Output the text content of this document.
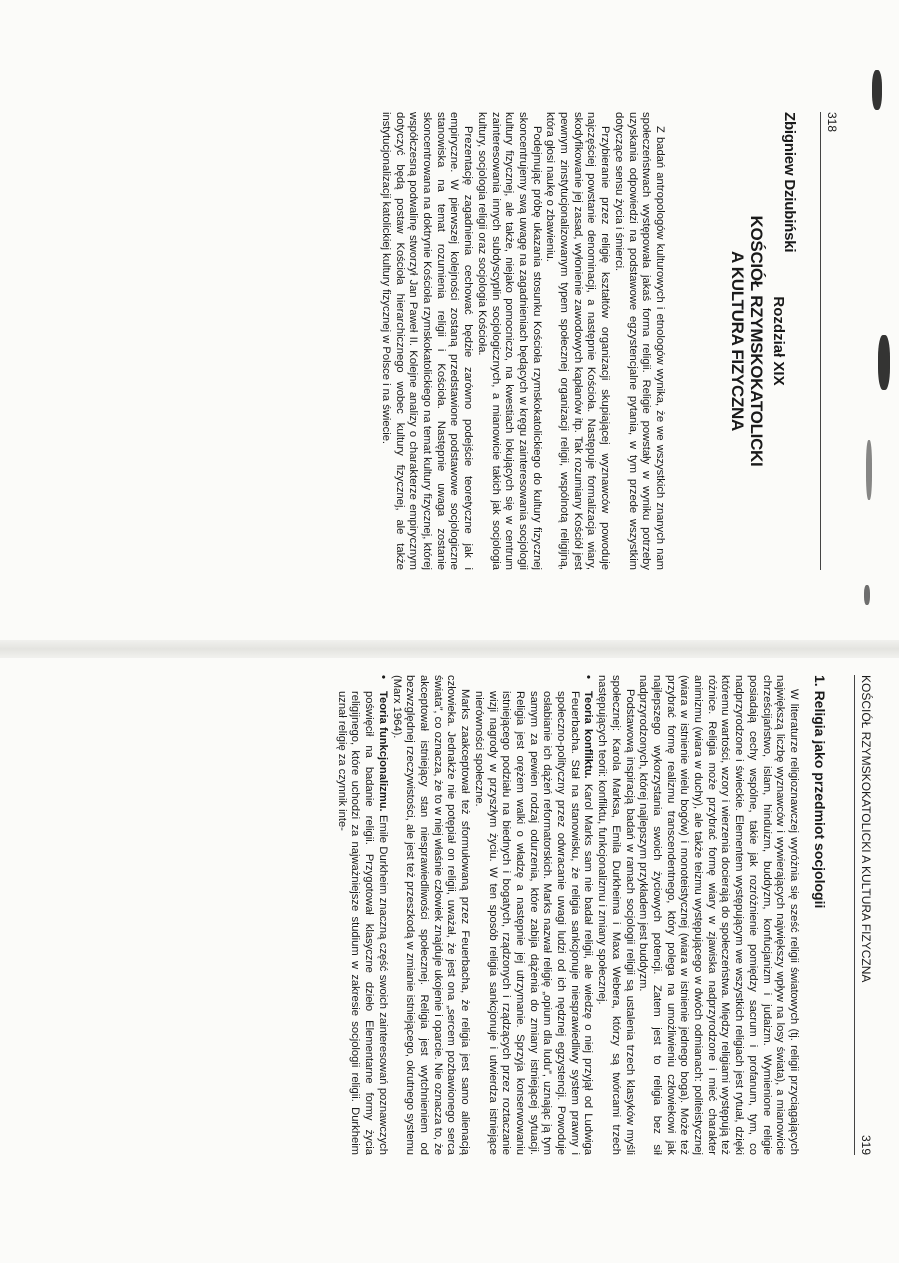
318
Zbigniew Dziubiński
Rozdział XIX
KOŚCIÓŁ RZYMSKOKATOLICKI
A KULTURA FIZYCZNA

Z badań antropologów kulturowych i etnologów wynika, że we wszystkich znanych nam społeczeństwach występowała jakaś forma religii. Religie powstały w wyniku potrzeby uzyskania odpowiedzi na podstawowe egzystencjalne pytania, w tym przede wszystkim dotyczące sensu życia i śmierci.

Przybieranie przez religię kształtów organizacji skupiającej wyznawców powoduje najczęściej powstanie denominacji, a następnie Kościoła. Następuje formalizacja wiary, skodyfikowanie jej zasad, wyłonienie zawodowych kapłanów itp. Tak rozumiany Kościół jest pewnym zinstytucjonalizowanym typem społecznej organizacji religii, wspólnotą religijną, która głosi naukę o zbawieniu.

Podejmując próbę ukazania stosunku Kościoła rzymskokatolickiego do kultury fizycznej skoncentrujemy swą uwagę na zagadnieniach będących w kręgu zainteresowania socjologii kultury fizycznej, ale także, niejako pomocniczo, na kwestiach lokujących się w centrum zainteresowania innych subdyscyplin socjologicznych, a mianowicie takich jak socjologia kultury, socjologia religii oraz socjologia Kościoła.

Prezentację zagadnienia cechować będzie zarówno podejście teoretyczne jak i empiryczne. W pierwszej kolejności zostaną przedstawione podstawowe socjologiczne stanowiska na temat rozumienia religii i Kościoła. Następnie uwaga zostanie skoncentrowana na doktrynie Kościoła rzymskokatolickiego na temat kultury fizycznej, której współczesną podwalinę stworzył Jan Paweł II. Kolejne analizy o charakterze empirycznym dotyczyć będą postaw Kościoła hierarchicznego wobec kultury fizycznej, ale także instytucjonalizacji katolickiej kultury fizycznej w Polsce i na świecie.

KOŚCIÓŁ RZYMSKOKATOLICKI A KULTURA FIZYCZNA
319
1. Religia jako przedmiot socjologii

W literaturze religioznawczej wyróżnia się sześć religii światowych (tj. religii przyciągających największą liczbę wyznawców i wywierających największy wpływ na losy świata), a mianowicie chrześcijaństwo, islam, hinduizm, buddyzm, konfucjanizm i judaizm. Wymienione religie posiadają cechy wspólne, takie jak rozróżnienie pomiędzy sacrum i profanum, tym, co nadprzyrodzone i świeckie. Elementem występującym we wszystkich religiach jest rytuał, dzięki któremu wartości, wzory i wierzenia docierają do społeczeństwa. Między religiami występują też różnice. Religia może przybrać formę wiary w zjawiska nadprzyrodzone i mieć charakter animizmu (wiara w duchy), ale także teizmu występującego w dwóch odmianach: politeistycznej (wiara w istnienie wielu bogów) i monoteistycznej (wiara w istnienie jednego boga). Może też przybrać formę realizmu transcendentnego, który polega na umożliwieniu człowiekowi jak najlepszego wykorzystania swoich życiowych potencji. Zatem jest to religia bez sił nadprzyrodzonych, której najlepszym przykładem jest buddyzm.

Podstawową inspiracją badań w ramach socjologii religii są ustalenia trzech klasyków myśli społecznej: Karola Marksa, Emila Durkheima i Maxa Webera, którzy są twórcami trzech następujących teorii: konfliktu, funkcjonalizmu i zmiany społecznej.

•
Teoria konfliktu. Karol Marks sam nie badał religii, ale wiedzę o niej przyjął od Ludwiga Feuerbacha. Stał na stanowisku, że religia sankcjonuje niesprawiedliwy system prawny i społeczno-polityczny przez odwracanie uwagi ludzi od ich nędznej egzystencji. Powoduje osłabianie ich dążeń reformatorskich. Marks nazwał religię „opium dla ludu”, uznając ją tym samym za pewien rodzaj odurzenia, które zabija dążenia do zmiany istniejącej sytuacji. Religia jest orężem walki o władzę a następnie jej utrzymanie. Sprzyja konserwowaniu istniejącego podziału na biednych i bogatych, rządzonych i rządzących przez roztaczanie wizji nagrody w przyszłym życiu. W ten sposób religia sankcjonuje i utwierdza istniejące nierówności społeczne.

Marks zaakceptował też sformułowaną przez Feuerbacha, że religia jest samo alienacją człowieka. Jednakże nie potępiał on religii, uważał, że jest ona „sercem pozbawionego serca świata”, co oznacza, że to w niej właśnie człowiek znajduje ukojenie i oparcie. Nie oznacza to, że akceptował istniejący stan niesprawiedliwości społecznej. Religia jest wytchnieniem od bezwzględnej rzeczywistości, ale jest też przeszkodą w zmianie istniejącego, okrutnego systemu (Marx 1964).

•
Teoria funkcjonalizmu. Emile Durkheim znaczną część swoich zainteresowań poznawczych poświęcił na badanie religii. Przygotował klasyczne dzieło Elementarne formy życia religijnego, które uchodzi za najważniejsze studium w zakresie socjologii religii. Durkheim uznał religię za czynnik inte-
